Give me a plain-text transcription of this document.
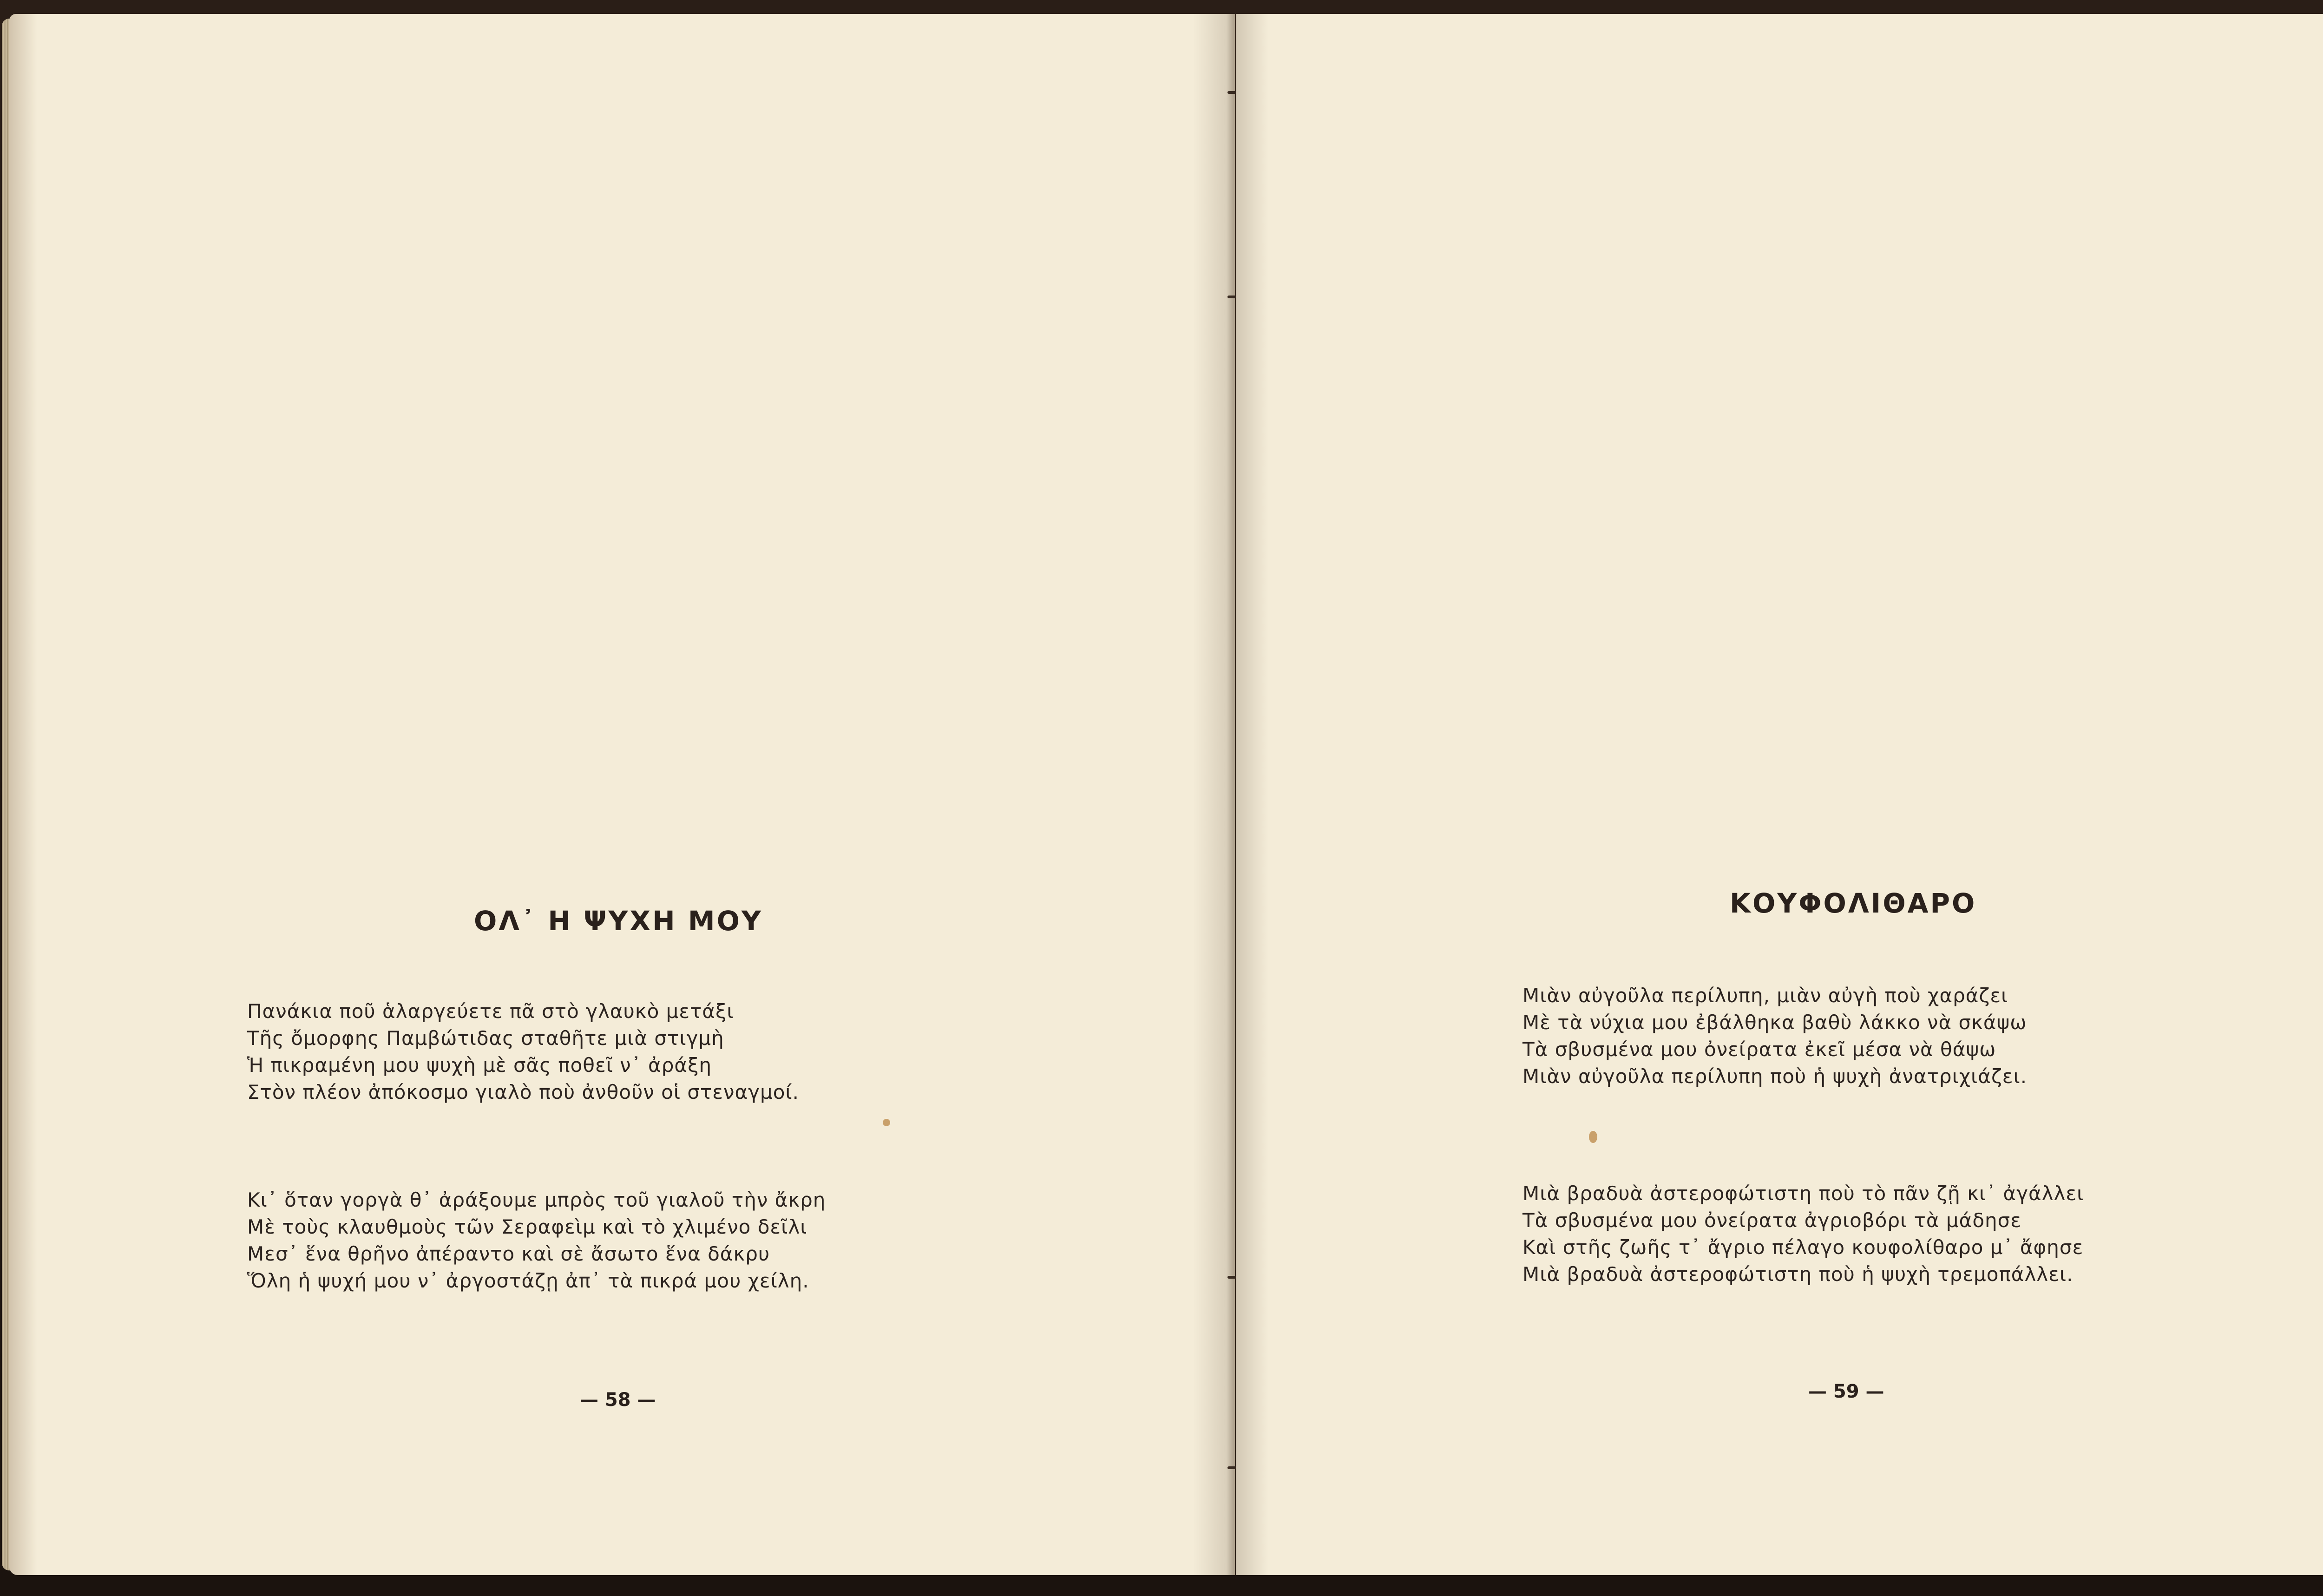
ΟΛ᾿ Η ΨΥΧΗ ΜΟΥ
Πανάκια ποῦ ἁλαργεύετε πᾶ στὸ γλαυκὸ μετάξι
Τῆς ὄμορφης Παμβώτιδας σταθῆτε μιὰ στιγμὴ
Ἡ πικραμένη μου ψυχὴ μὲ σᾶς ποθεῖ ν᾿ ἀράξη
Στὸν πλέον ἀπόκοσμο γιαλὸ ποὺ ἀνθοῦν οἱ στεναγμοί.
Κι᾿ ὅταν γοργὰ θ᾿ ἀράξουμε μπρὸς τοῦ γιαλοῦ τὴν ἄκρη
Μὲ τοὺς κλαυθμοὺς τῶν Σεραφεὶμ καὶ τὸ χλιμένο δεῖλι
Μεσ᾿ ἕνα θρῆνο ἀπέραντο καὶ σὲ ἄσωτο ἕνα δάκρυ
Ὅλη ἡ ψυχή μου ν᾿ ἀργοστάζῃ ἀπ᾿ τὰ πικρά μου χείλη.
— 58 —
ΚΟΥΦΟΛΙΘΑΡΟ
Μιὰν αὐγοῦλα περίλυπη, μιὰν αὐγὴ ποὺ χαράζει
Μὲ τὰ νύχια μου ἐβάλθηκα βαθὺ λάκκο νὰ σκάψω
Τὰ σβυσμένα μου ὀνείρατα ἐκεῖ μέσα νὰ θάψω
Μιὰν αὐγοῦλα περίλυπη ποὺ ἡ ψυχὴ ἀνατριχιάζει.
Μιὰ βραδυὰ ἀστεροφώτιστη ποὺ τὸ πᾶν ζῇ κι᾿ ἀγάλλει
Τὰ σβυσμένα μου ὀνείρατα ἀγριοβόρι τὰ μάδησε
Καὶ στῆς ζωῆς τ᾿ ἄγριο πέλαγο κουφολίθαρο μ᾿ ἄφησε
Μιὰ βραδυὰ ἀστεροφώτιστη ποὺ ἡ ψυχὴ τρεμοπάλλει.
— 59 —
